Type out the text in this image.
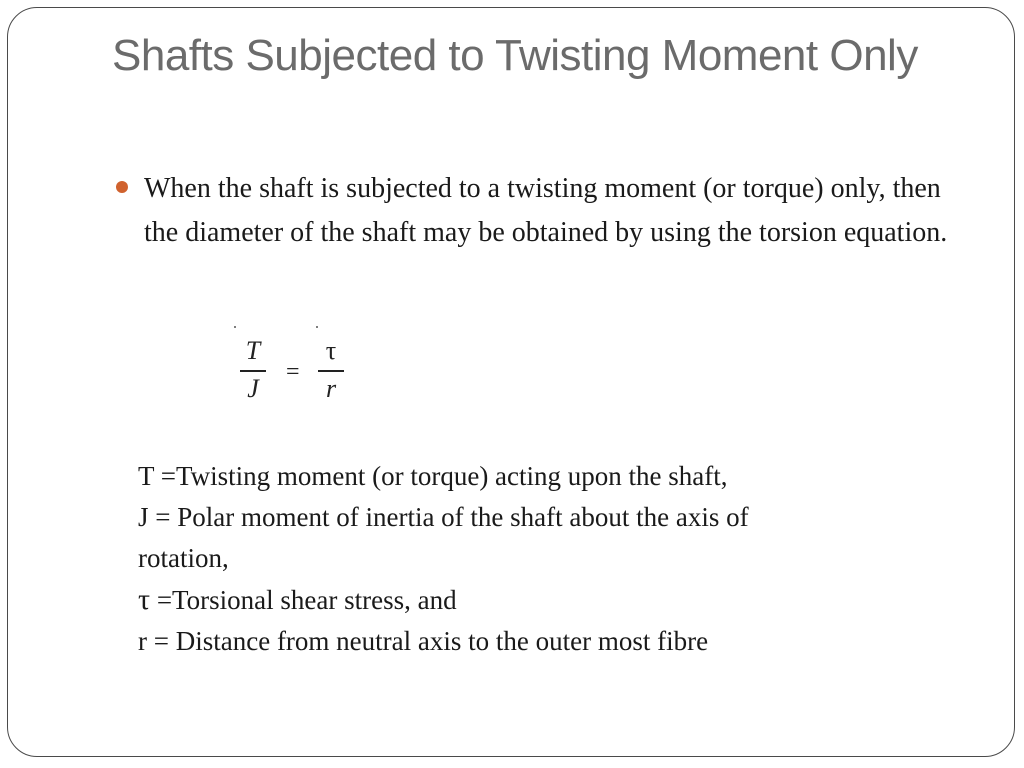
Shafts Subjected to Twisting Moment Only

When the shaft is subjected to a twisting moment (or torque) only, then the diameter of the shaft may be obtained by using the torsion equation.

T
J
=
τ
r
T =Twisting moment (or torque) acting upon the shaft,
J = Polar moment of inertia of the shaft about the axis of
rotation,
τ =Torsional shear stress, and
r = Distance from neutral axis to the outer most fibre
